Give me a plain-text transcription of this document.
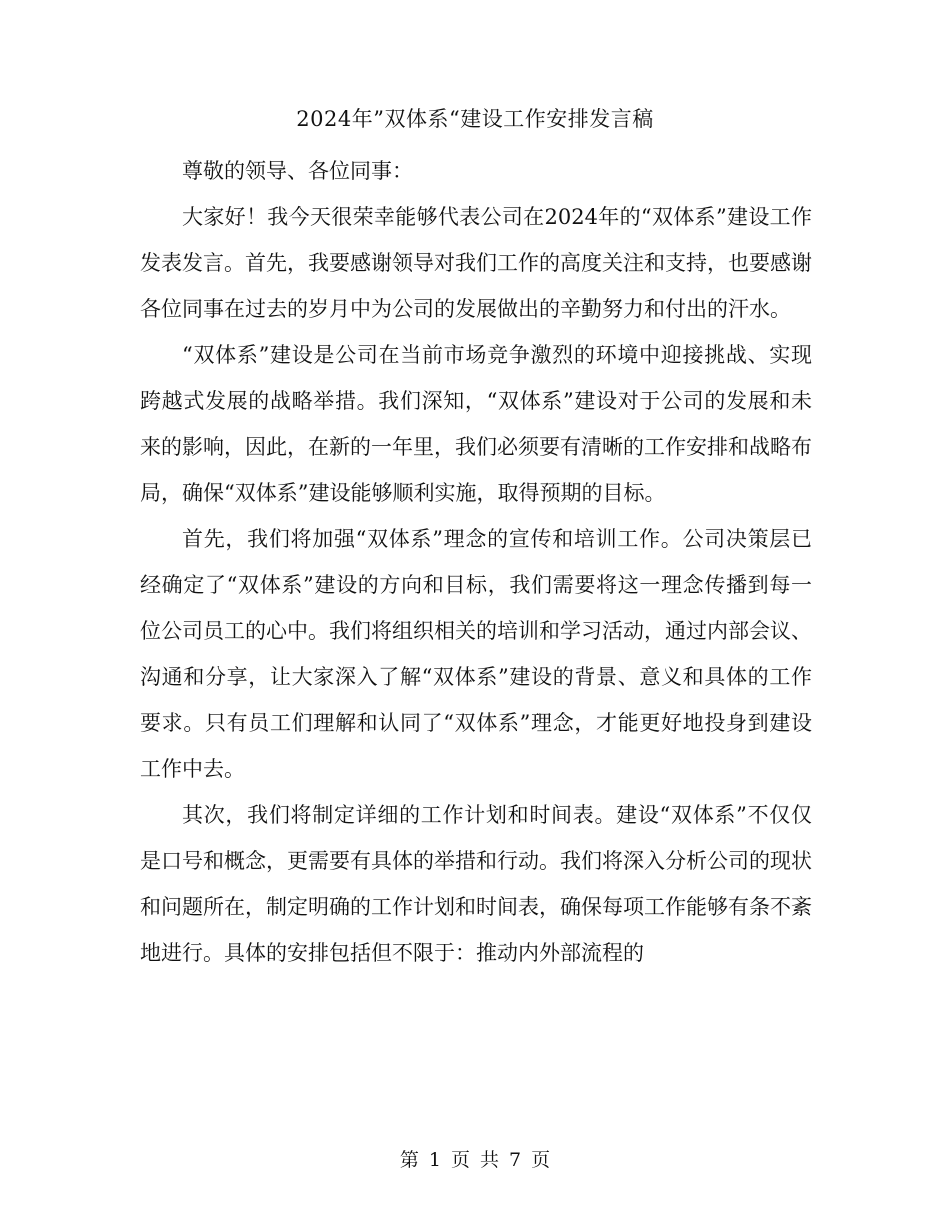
2024年”双体系“建设工作安排发言稿

尊敬的领导、各位同事：

大家好！我今天很荣幸能够代表公司在2024年的“双体系”建设工作发表发言。首先，我要感谢领导对我们工作的高度关注和支持，也要感谢各位同事在过去的岁月中为公司的发展做出的辛勤努力和付出的汗水。

“双体系”建设是公司在当前市场竞争激烈的环境中迎接挑战、实现跨越式发展的战略举措。我们深知，“双体系”建设对于公司的发展和未来的影响，因此，在新的一年里，我们必须要有清晰的工作安排和战略布局，确保“双体系”建设能够顺利实施，取得预期的目标。

首先，我们将加强“双体系”理念的宣传和培训工作。公司决策层已经确定了“双体系”建设的方向和目标，我们需要将这一理念传播到每一位公司员工的心中。我们将组织相关的培训和学习活动，通过内部会议、沟通和分享，让大家深入了解“双体系”建设的背景、意义和具体的工作要求。只有员工们理解和认同了“双体系”理念，才能更好地投身到建设工作中去。

其次，我们将制定详细的工作计划和时间表。建设“双体系”不仅仅是口号和概念，更需要有具体的举措和行动。我们将深入分析公司的现状和问题所在，制定明确的工作计划和时间表，确保每项工作能够有条不紊地进行。具体的安排包括但不限于：推动内外部流程的

第 1 页 共 7 页
